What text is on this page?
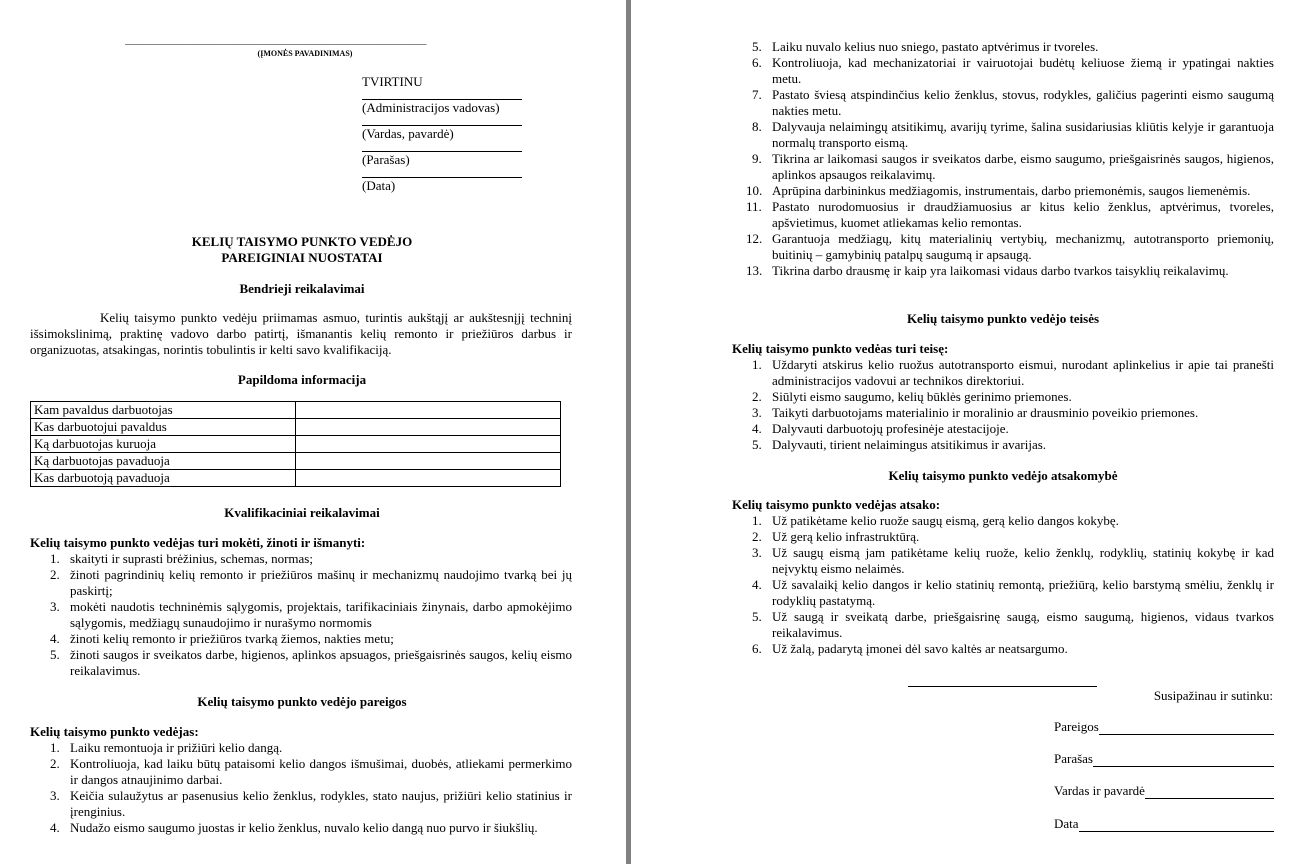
___________________________________________________________________
(ĮMONĖS PAVADINIMAS)
TVIRTINU
(Administracijos vadovas)
(Vardas, pavardė)
(Parašas)
(Data)
KELIŲ TAISYMO PUNKTO VEDĖJO
PAREIGINIAI NUOSTATAI
Bendrieji reikalavimai
Kelių taisymo punkto vedėju priimamas asmuo, turintis aukštąjį ar aukštesnįjį techninį išsimokslinimą, praktinę vadovo darbo patirtį, išmanantis kelių remonto ir priežiūros darbus ir organizuotas, atsakingas, norintis tobulintis ir kelti savo kvalifikaciją.
Papildoma informacija
Kam pavaldus darbuotojas	
Kas darbuotojui pavaldus	
Ką darbuotojas kuruoja	
Ką darbuotojas pavaduoja	
Kas darbuotoją pavaduoja	
Kvalifikaciniai reikalavimai
Kelių taisymo punkto vedėjas turi mokėti, žinoti ir išmanyti:
1. skaityti ir suprasti brėžinius, schemas, normas;
2. žinoti pagrindinių kelių remonto ir priežiūros mašinų ir mechanizmų naudojimo tvarką bei jų paskirtį;
3. mokėti naudotis techninėmis sąlygomis, projektais, tarifikaciniais žinynais, darbo apmokėjimo sąlygomis, medžiagų sunaudojimo ir nurašymo normomis
4. žinoti kelių remonto ir priežiūros tvarką žiemos, nakties metu;
5. žinoti saugos ir sveikatos darbe, higienos, aplinkos apsuagos, priešgaisrinės saugos, kelių eismo reikalavimus.
Kelių taisymo punkto vedėjo pareigos
Kelių taisymo punkto vedėjas:
1. Laiku remontuoja ir prižiūri kelio dangą.
2. Kontroliuoja, kad laiku būtų pataisomi kelio dangos išmušimai, duobės, atliekami permerkimo ir dangos atnaujinimo darbai.
3. Keičia sulaužytus ar pasenusius kelio ženklus, rodykles, stato naujus, prižiūri kelio statinius ir įrenginius.
4. Nudažo eismo saugumo juostas ir kelio ženklus, nuvalo kelio dangą nuo purvo ir šiukšlių.
5. Laiku nuvalo kelius nuo sniego, pastato aptvėrimus ir tvoreles.
6. Kontroliuoja, kad mechanizatoriai ir vairuotojai budėtų keliuose žiemą ir ypatingai nakties metu.
7. Pastato šviesą atspindinčius kelio ženklus, stovus, rodykles, galičius pagerinti eismo saugumą nakties metu.
8. Dalyvauja nelaimingų atsitikimų, avarijų tyrime, šalina susidariusias kliūtis kelyje ir garantuoja normalų transporto eismą.
9. Tikrina ar laikomasi saugos ir sveikatos darbe, eismo saugumo, priešgaisrinės saugos, higienos, aplinkos apsaugos reikalavimų.
10. Aprūpina darbininkus medžiagomis, instrumentais, darbo priemonėmis, saugos liemenėmis.
11. Pastato nurodomuosius ir draudžiamuosius ar kitus kelio ženklus, aptvėrimus, tvoreles, apšvietimus, kuomet atliekamas kelio remontas.
12. Garantuoja medžiagų, kitų materialinių vertybių, mechanizmų, autotransporto priemonių, buitinių – gamybinių patalpų saugumą ir apsaugą.
13. Tikrina darbo drausmę ir kaip yra laikomasi vidaus darbo tvarkos taisyklių reikalavimų.
Kelių taisymo punkto vedėjo teisės
Kelių taisymo punkto vedėas turi teisę:
1. Uždaryti atskirus kelio ruožus autotransporto eismui, nurodant aplinkelius ir apie tai pranešti administracijos vadovui ar technikos direktoriui.
2. Siūlyti eismo saugumo, kelių būklės gerinimo priemones.
3. Taikyti darbuotojams materialinio ir moralinio ar drausminio poveikio priemones.
4. Dalyvauti darbuotojų profesinėje atestacijoje.
5. Dalyvauti, tirient nelaimingus atsitikimus ir avarijas.
Kelių taisymo punkto vedėjo atsakomybė
Kelių taisymo punkto vedėjas atsako:
1. Už patikėtame kelio ruože saugų eismą, gerą kelio dangos kokybę.
2. Už gerą kelio infrastruktūrą.
3. Už saugų eismą jam patikėtame kelių ruože, kelio ženklų, rodyklių, statinių kokybę ir kad neįvyktų eismo nelaimės.
4. Už savalaikį kelio dangos ir kelio statinių remontą, priežiūrą, kelio barstymą smėliu, ženklų ir rodyklių pastatymą.
5. Už saugą ir sveikatą darbe, priešgaisrinę saugą, eismo saugumą, higienos, vidaus tvarkos reikalavimus.
6. Už žalą, padarytą įmonei dėl savo kaltės ar neatsargumo.
Susipažinau ir sutinku:
Pareigos
Parašas
Vardas ir pavardė
Data
